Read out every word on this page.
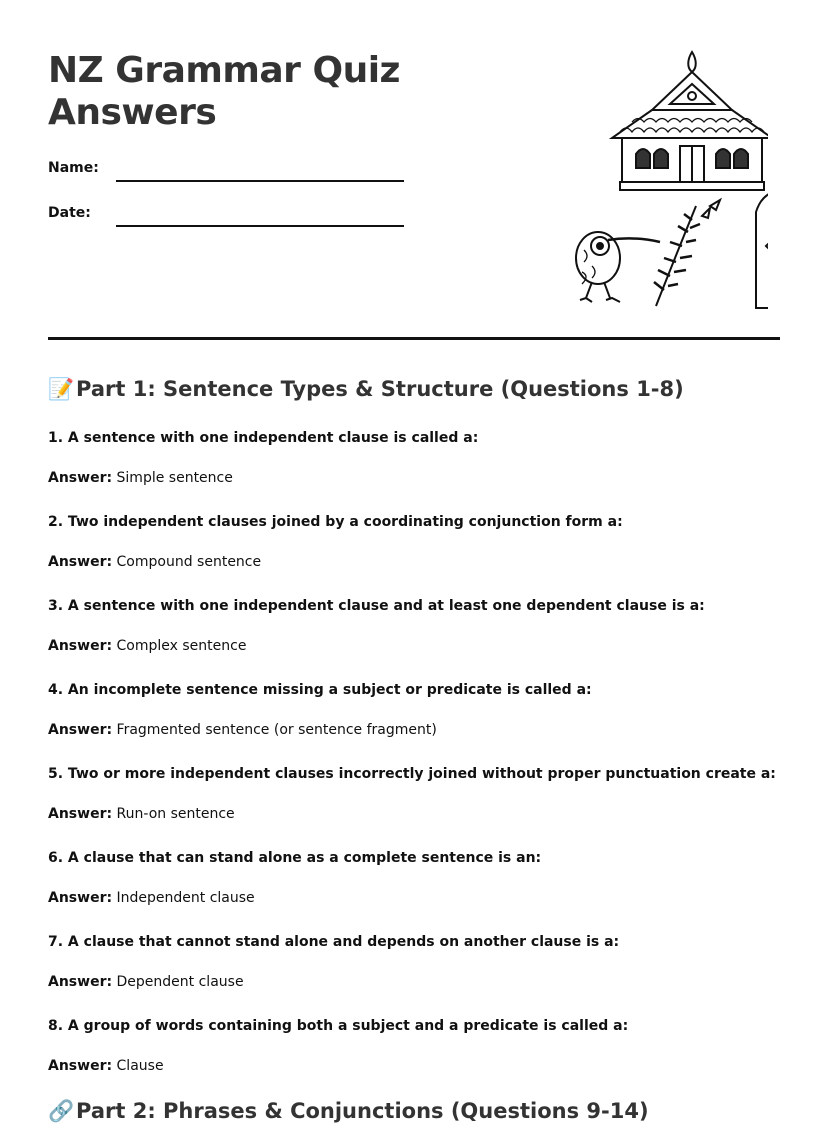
NZ Grammar Quiz
Answers
Name:
Date:
📝Part 1: Sentence Types & Structure (Questions 1-8)
1. A sentence with one independent clause is called a:
Answer: Simple sentence
2. Two independent clauses joined by a coordinating conjunction form a:
Answer: Compound sentence
3. A sentence with one independent clause and at least one dependent clause is a:
Answer: Complex sentence
4. An incomplete sentence missing a subject or predicate is called a:
Answer: Fragmented sentence (or sentence fragment)
5. Two or more independent clauses incorrectly joined without proper punctuation create a:
Answer: Run-on sentence
6. A clause that can stand alone as a complete sentence is an:
Answer: Independent clause
7. A clause that cannot stand alone and depends on another clause is a:
Answer: Dependent clause
8. A group of words containing both a subject and a predicate is called a:
Answer: Clause
🔗Part 2: Phrases & Conjunctions (Questions 9-14)
